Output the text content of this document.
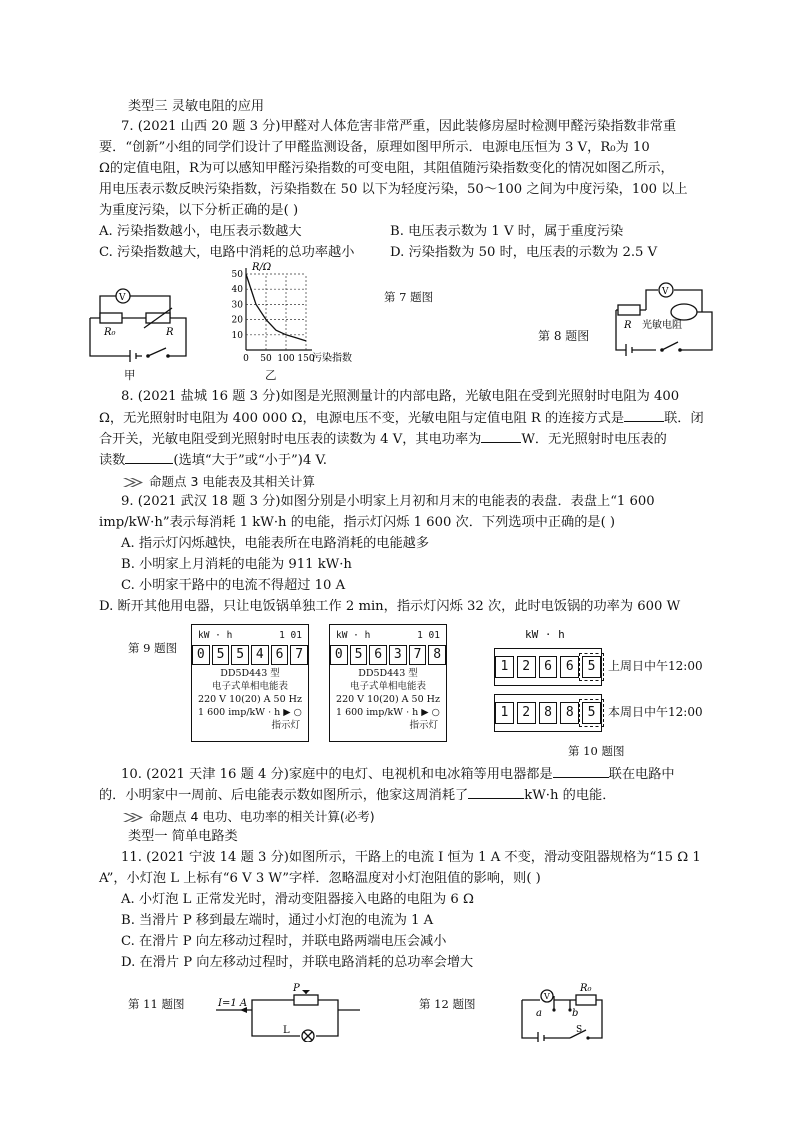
类型三 灵敏电阻的应用
7. (2021 山西 20 题 3 分)甲醛对人体危害非常严重，因此装修房屋时检测甲醛污染指数非常重
要．“创新”小组的同学们设计了甲醛监测设备，原理如图甲所示．电源电压恒为 3 V，R₀为 10
Ω的定值电阻，R为可以感知甲醛污染指数的可变电阻，其阻值随污染指数变化的情况如图乙所示，
用电压表示数反映污染指数，污染指数在 50 以下为轻度污染，50～100 之间为中度污染，100 以上
为重度污染，以下分析正确的是( )
A. 污染指数越小，电压表示数越大	B. 电压表示数为 1 V 时，属于重度污染
C. 污染指数越大，电路中消耗的总功率越小	D. 污染指数为 50 时，电压表的示数为 2.5 V
V
R₀	R
甲
R/Ω
污染指数
10
20
30
40
50
0 50 100 150
乙
第 7 题图
第 8 题图
V
R 光敏电阻
8. (2021 盐城 16 题 3 分)如图是光照测量计的内部电路，光敏电阻在受到光照射时电阻为 400
Ω，无光照射时电阻为 400 000 Ω，电源电压不变，光敏电阻与定值电阻 R 的连接方式是	联．闭
合开关，光敏电阻受到光照射时电压表的读数为 4 V，其电功率为	W．无光照射时电压表的
读数	(选填“大于”或“小于”)4 V.
命题点 3 电能表及其相关计算
9. (2021 武汉 18 题 3 分)如图分别是小明家上月初和月末的电能表的表盘．表盘上“1 600
imp/kW·h”表示每消耗 1 kW·h 的电能，指示灯闪烁 1 600 次．下列选项中正确的是( )
A. 指示灯闪烁越快，电能表所在电路消耗的电能越多
B. 小明家上月消耗的电能为 911 kW·h
C. 小明家干路中的电流不得超过 10 A
D. 断开其他用电器，只让电饭锅单独工作 2 min，指示灯闪烁 32 次，此时电饭锅的功率为 600 W
第 9 题图
kW · h	1 01
0 5 5 4 6 7
DD5D443 型
电子式单相电能表
220 V 10(20) A 50 Hz
1 600 imp/kW · h ▶ ○
指示灯
kW · h	1 01
0 5 6 3 7 8
DD5D443 型
电子式单相电能表
220 V 10(20) A 50 Hz
1 600 imp/kW · h ▶ ○
指示灯
kW · h
1	2	6	6	5	上周日中午12:00
1	2	8	8	5	本周日中午12:00
第 10 题图
10. (2021 天津 16 题 4 分)家庭中的电灯、电视机和电冰箱等用电器都是	联在电路中
的．小明家中一周前、后电能表示数如图所示，他家这周消耗了	kW·h 的电能．
命题点 4 电功、电功率的相关计算(必考)
类型一 简单电路类
11. (2021 宁波 14 题 3 分)如图所示，干路上的电流 I 恒为 1 A 不变，滑动变阻器规格为“15 Ω 1
A”，小灯泡 L 上标有“6 V 3 W”字样．忽略温度对小灯泡阻值的影响，则( )
A. 小灯泡 L 正常发光时，滑动变阻器接入电路的电阻为 6 Ω
B. 当滑片 P 移到最左端时，通过小灯泡的电流为 1 A
C. 在滑片 P 向左移动过程时，并联电路两端电压会减小
D. 在滑片 P 向左移动过程时，并联电路消耗的总功率会增大
第 11 题图	I=1 A
P
L
第 12 题图
V
R₀
a	b
S
